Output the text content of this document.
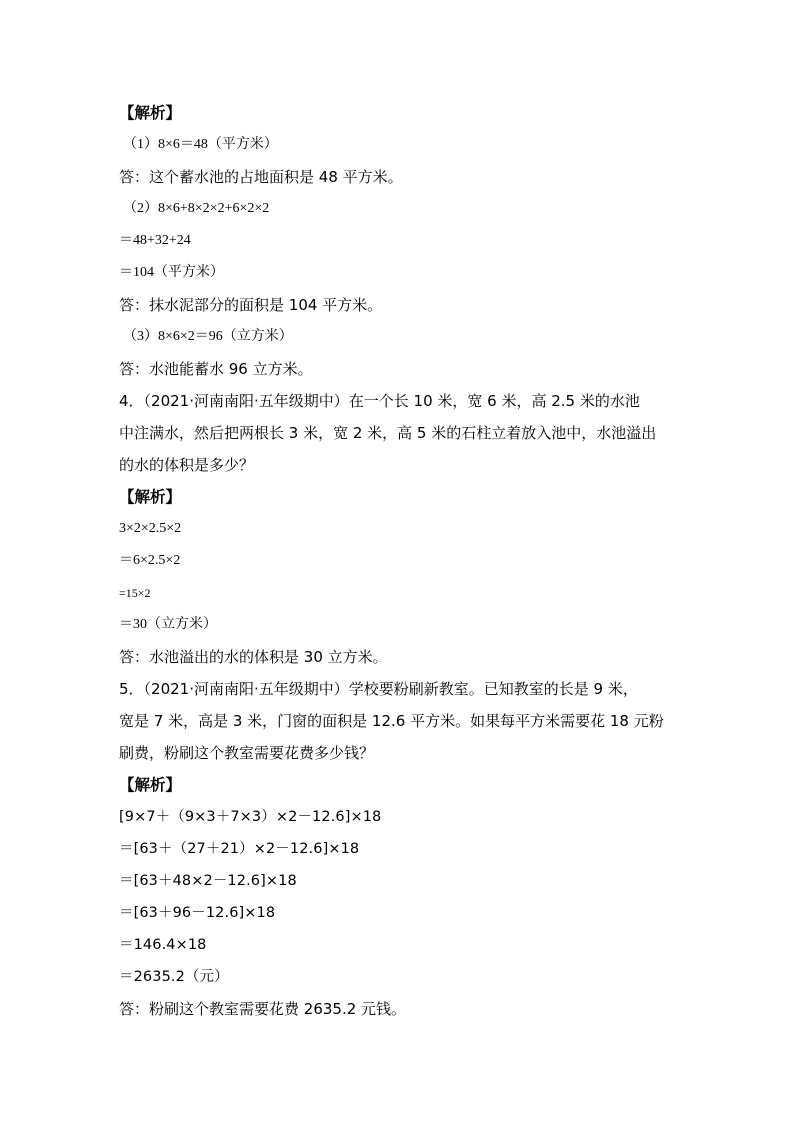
【解析】
（1）8×6＝48（平方米）
答：这个蓄水池的占地面积是 48 平方米。
（2）8×6+8×2×2+6×2×2
＝48+32+24
＝104（平方米）
答：抹水泥部分的面积是 104 平方米。
（3）8×6×2＝96（立方米）
答：水池能蓄水 96 立方米。
4．（2021·河南南阳·五年级期中）在一个长 10 米，宽 6 米，高 2.5 米的水池
中注满水，然后把两根长 3 米，宽 2 米，高 5 米的石柱立着放入池中，水池溢出
的水的体积是多少？
【解析】
3×2×2.5×2
＝6×2.5×2
=15×2
＝30（立方米）
答：水池溢出的水的体积是 30 立方米。
5．（2021·河南南阳·五年级期中）学校要粉刷新教室。已知教室的长是 9 米，
宽是 7 米，高是 3 米，门窗的面积是 12.6 平方米。如果每平方米需要花 18 元粉
刷费，粉刷这个教室需要花费多少钱？
【解析】
[9×7＋（9×3＋7×3）×2－12.6]×18
＝[63＋（27＋21）×2－12.6]×18
＝[63＋48×2－12.6]×18
＝[63＋96－12.6]×18
＝146.4×18
＝2635.2（元）
答：粉刷这个教室需要花费 2635.2 元钱。
